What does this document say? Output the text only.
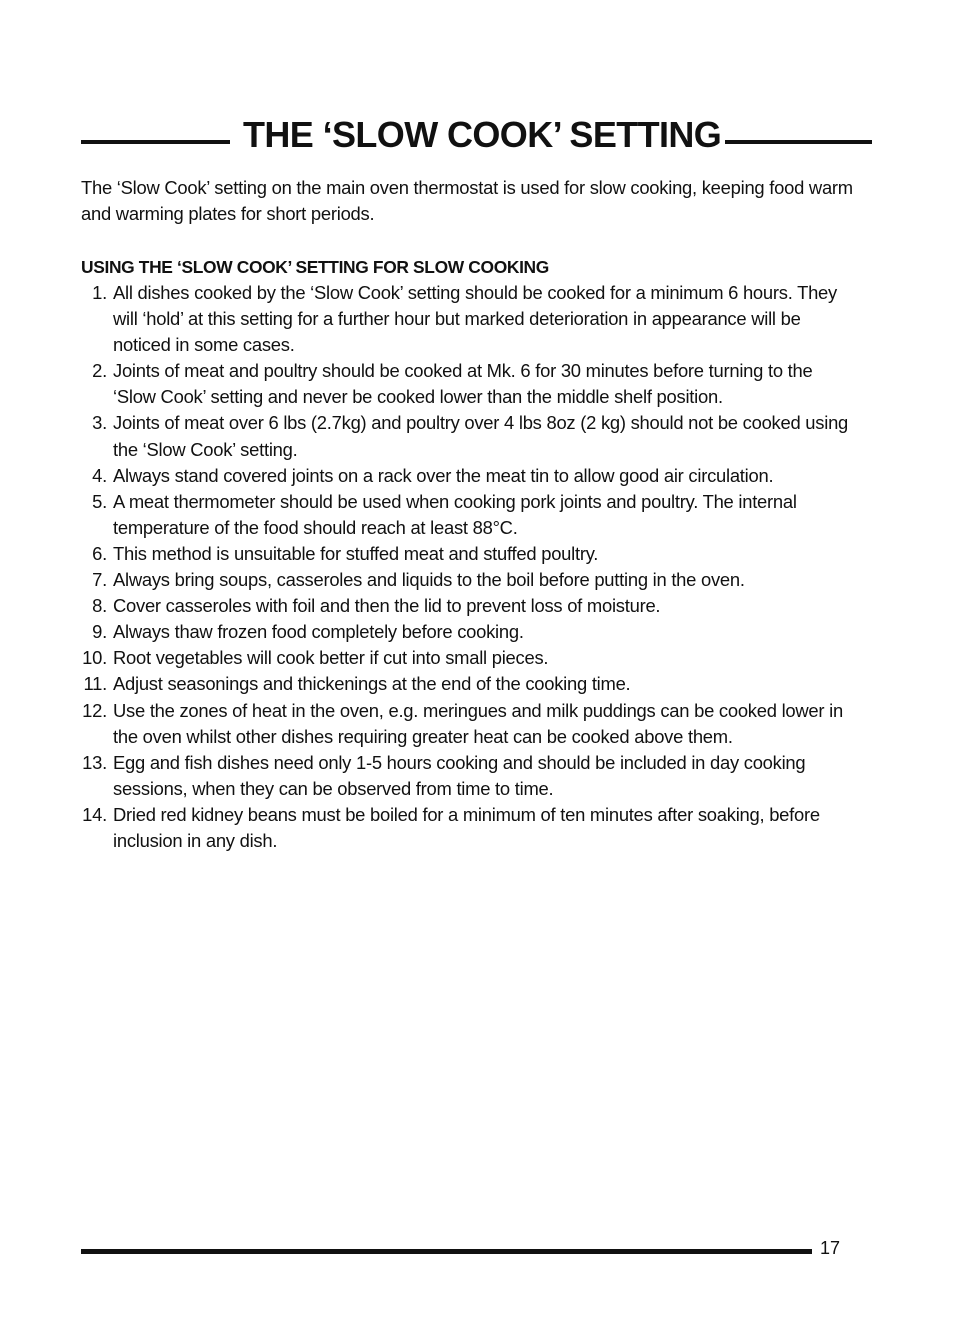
THE ‘SLOW COOK’ SETTING

The ‘Slow Cook’ setting on the main oven thermostat is used for slow cooking, keeping food warm and warming plates for short periods.

USING THE ‘SLOW COOK’ SETTING FOR SLOW COOKING
1. All dishes cooked by the ‘Slow Cook’ setting should be cooked for a minimum 6 hours. They will ‘hold’ at this setting for a further hour but marked deterioration in appearance will be noticed in some cases.
2. Joints of meat and poultry should be cooked at Mk. 6 for 30 minutes before turning to the ‘Slow Cook’ setting and never be cooked lower than the middle shelf position.
3. Joints of meat over 6 lbs (2.7kg) and poultry over 4 lbs 8oz (2 kg) should not be cooked using the ‘Slow Cook’ setting.
4. Always stand covered joints on a rack over the meat tin to allow good air circulation.
5. A meat thermometer should be used when cooking pork joints and poultry. The internal temperature of the food should reach at least 88°C.
6. This method is unsuitable for stuffed meat and stuffed poultry.
7. Always bring soups, casseroles and liquids to the boil before putting in the oven.
8. Cover casseroles with foil and then the lid to prevent loss of moisture.
9. Always thaw frozen food completely before cooking.
10. Root vegetables will cook better if cut into small pieces.
11. Adjust seasonings and thickenings at the end of the cooking time.
12. Use the zones of heat in the oven, e.g. meringues and milk puddings can be cooked lower in the oven whilst other dishes requiring greater heat can be cooked above them.
13. Egg and fish dishes need only 1-5 hours cooking and should be included in day cooking sessions, when they can be observed from time to time.
14. Dried red kidney beans must be boiled for a minimum of ten minutes after soaking, before inclusion in any dish.
17
